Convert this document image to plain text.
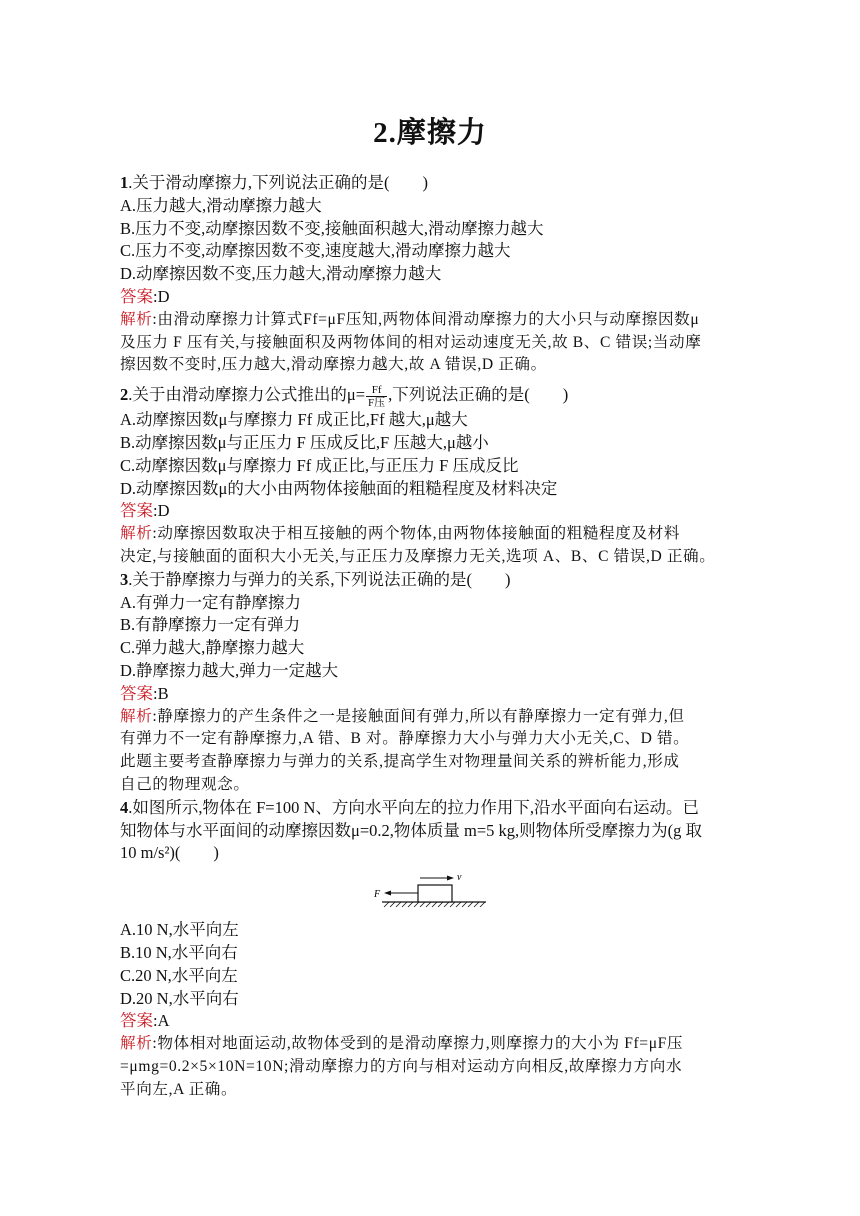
2.摩擦力
1.关于滑动摩擦力,下列说法正确的是(　　)
A.压力越大,滑动摩擦力越大
B.压力不变,动摩擦因数不变,接触面积越大,滑动摩擦力越大
C.压力不变,动摩擦因数不变,速度越大,滑动摩擦力越大
D.动摩擦因数不变,压力越大,滑动摩擦力越大
答案:D
解析:由滑动摩擦力计算式Ff=μF压知,两物体间滑动摩擦力的大小只与动摩擦因数μ
及压力 F 压有关,与接触面积及两物体间的相对运动速度无关,故 B、C 错误;当动摩
擦因数不变时,压力越大,滑动摩擦力越大,故 A 错误,D 正确。
2.关于由滑动摩擦力公式推出的$\mu= \frac{Ff}{\text{F压}}$ ,下列说法正确的是(　　)
A.动摩擦因数μ与摩擦力 Ff 成正比,Ff 越大,μ越大
B.动摩擦因数μ与正压力 F 压成反比,F 压越大,μ越小
C.动摩擦因数μ与摩擦力 Ff 成正比,与正压力 F 压成反比
D.动摩擦因数μ的大小由两物体接触面的粗糙程度及材料决定
答案:D
解析:动摩擦因数取决于相互接触的两个物体,由两物体接触面的粗糙程度及材料
决定,与接触面的面积大小无关,与正压力及摩擦力无关,选项 A、B、C 错误,D 正确。
3.关于静摩擦力与弹力的关系,下列说法正确的是(　　)
A.有弹力一定有静摩擦力
B.有静摩擦力一定有弹力
C.弹力越大,静摩擦力越大
D.静摩擦力越大,弹力一定越大
答案:B
解析:静摩擦力的产生条件之一是接触面间有弹力,所以有静摩擦力一定有弹力,但
有弹力不一定有静摩擦力,A 错、B 对。静摩擦力大小与弹力大小无关,C、D 错。
此题主要考查静摩擦力与弹力的关系,提高学生对物理量间关系的辨析能力,形成
自己的物理观念。
4.如图所示,物体在 F=100 N、方向水平向左的拉力作用下,沿水平面向右运动。已
知物体与水平面间的动摩擦因数μ=0.2,物体质量 m=5 kg,则物体所受摩擦力为(g 取
10 m/s²)(　　)
F
v
A.10 N,水平向左
B.10 N,水平向右
C.20 N,水平向左
D.20 N,水平向右
答案:A
解析:物体相对地面运动,故物体受到的是滑动摩擦力,则摩擦力的大小为 Ff=μF压
=μmg=0.2×5×10N=10N;滑动摩擦力的方向与相对运动方向相反,故摩擦力方向水
平向左,A 正确。
